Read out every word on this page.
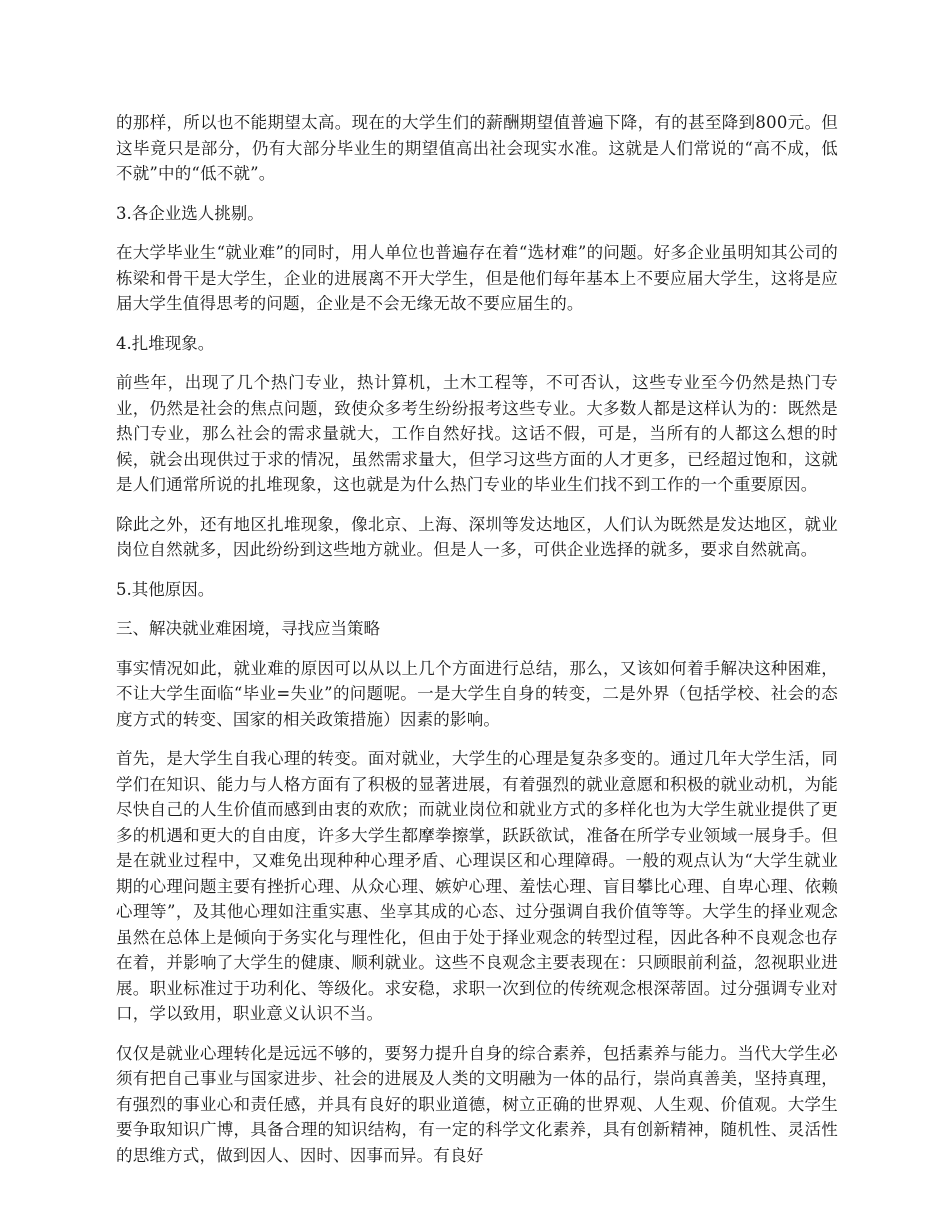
的那样，所以也不能期望太高。现在的大学生们的薪酬期望值普遍下降，有的甚至降到800元。但这毕竟只是部分，仍有大部分毕业生的期望值高出社会现实水准。这就是人们常说的“高不成，低不就”中的“低不就”。

3.各企业选人挑剔。

在大学毕业生“就业难”的同时，用人单位也普遍存在着“选材难”的问题。好多企业虽明知其公司的栋梁和骨干是大学生，企业的进展离不开大学生，但是他们每年基本上不要应届大学生，这将是应届大学生值得思考的问题，企业是不会无缘无故不要应届生的。

4.扎堆现象。

前些年，出现了几个热门专业，热计算机，土木工程等，不可否认，这些专业至今仍然是热门专业，仍然是社会的焦点问题，致使众多考生纷纷报考这些专业。大多数人都是这样认为的：既然是热门专业，那么社会的需求量就大，工作自然好找。这话不假，可是，当所有的人都这么想的时候，就会出现供过于求的情况，虽然需求量大，但学习这些方面的人才更多，已经超过饱和，这就是人们通常所说的扎堆现象，这也就是为什么热门专业的毕业生们找不到工作的一个重要原因。

除此之外，还有地区扎堆现象，像北京、上海、深圳等发达地区，人们认为既然是发达地区，就业岗位自然就多，因此纷纷到这些地方就业。但是人一多，可供企业选择的就多，要求自然就高。

5.其他原因。

三、解决就业难困境，寻找应当策略

事实情况如此，就业难的原因可以从以上几个方面进行总结，那么，又该如何着手解决这种困难，不让大学生面临“毕业=失业”的问题呢。一是大学生自身的转变，二是外界（包括学校、社会的态度方式的转变、国家的相关政策措施）因素的影响。

首先，是大学生自我心理的转变。面对就业，大学生的心理是复杂多变的。通过几年大学生活，同学们在知识、能力与人格方面有了积极的显著进展，有着强烈的就业意愿和积极的就业动机，为能尽快自己的人生价值而感到由衷的欢欣；而就业岗位和就业方式的多样化也为大学生就业提供了更多的机遇和更大的自由度，许多大学生都摩拳擦掌，跃跃欲试，准备在所学专业领域一展身手。但是在就业过程中，又难免出现种种心理矛盾、心理误区和心理障碍。一般的观点认为“大学生就业期的心理问题主要有挫折心理、从众心理、嫉妒心理、羞怯心理、盲目攀比心理、自卑心理、依赖心理等”，及其他心理如注重实惠、坐享其成的心态、过分强调自我价值等等。大学生的择业观念虽然在总体上是倾向于务实化与理性化，但由于处于择业观念的转型过程，因此各种不良观念也存在着，并影响了大学生的健康、顺利就业。这些不良观念主要表现在：只顾眼前利益，忽视职业进展。职业标准过于功利化、等级化。求安稳，求职一次到位的传统观念根深蒂固。过分强调专业对口，学以致用，职业意义认识不当。

仅仅是就业心理转化是远远不够的，要努力提升自身的综合素养，包括素养与能力。当代大学生必须有把自己事业与国家进步、社会的进展及人类的文明融为一体的品行，崇尚真善美，坚持真理，有强烈的事业心和责任感，并具有良好的职业道德，树立正确的世界观、人生观、价值观。大学生要争取知识广博，具备合理的知识结构，有一定的科学文化素养，具有创新精神，随机性、灵活性的思维方式，做到因人、因时、因事而异。有良好
